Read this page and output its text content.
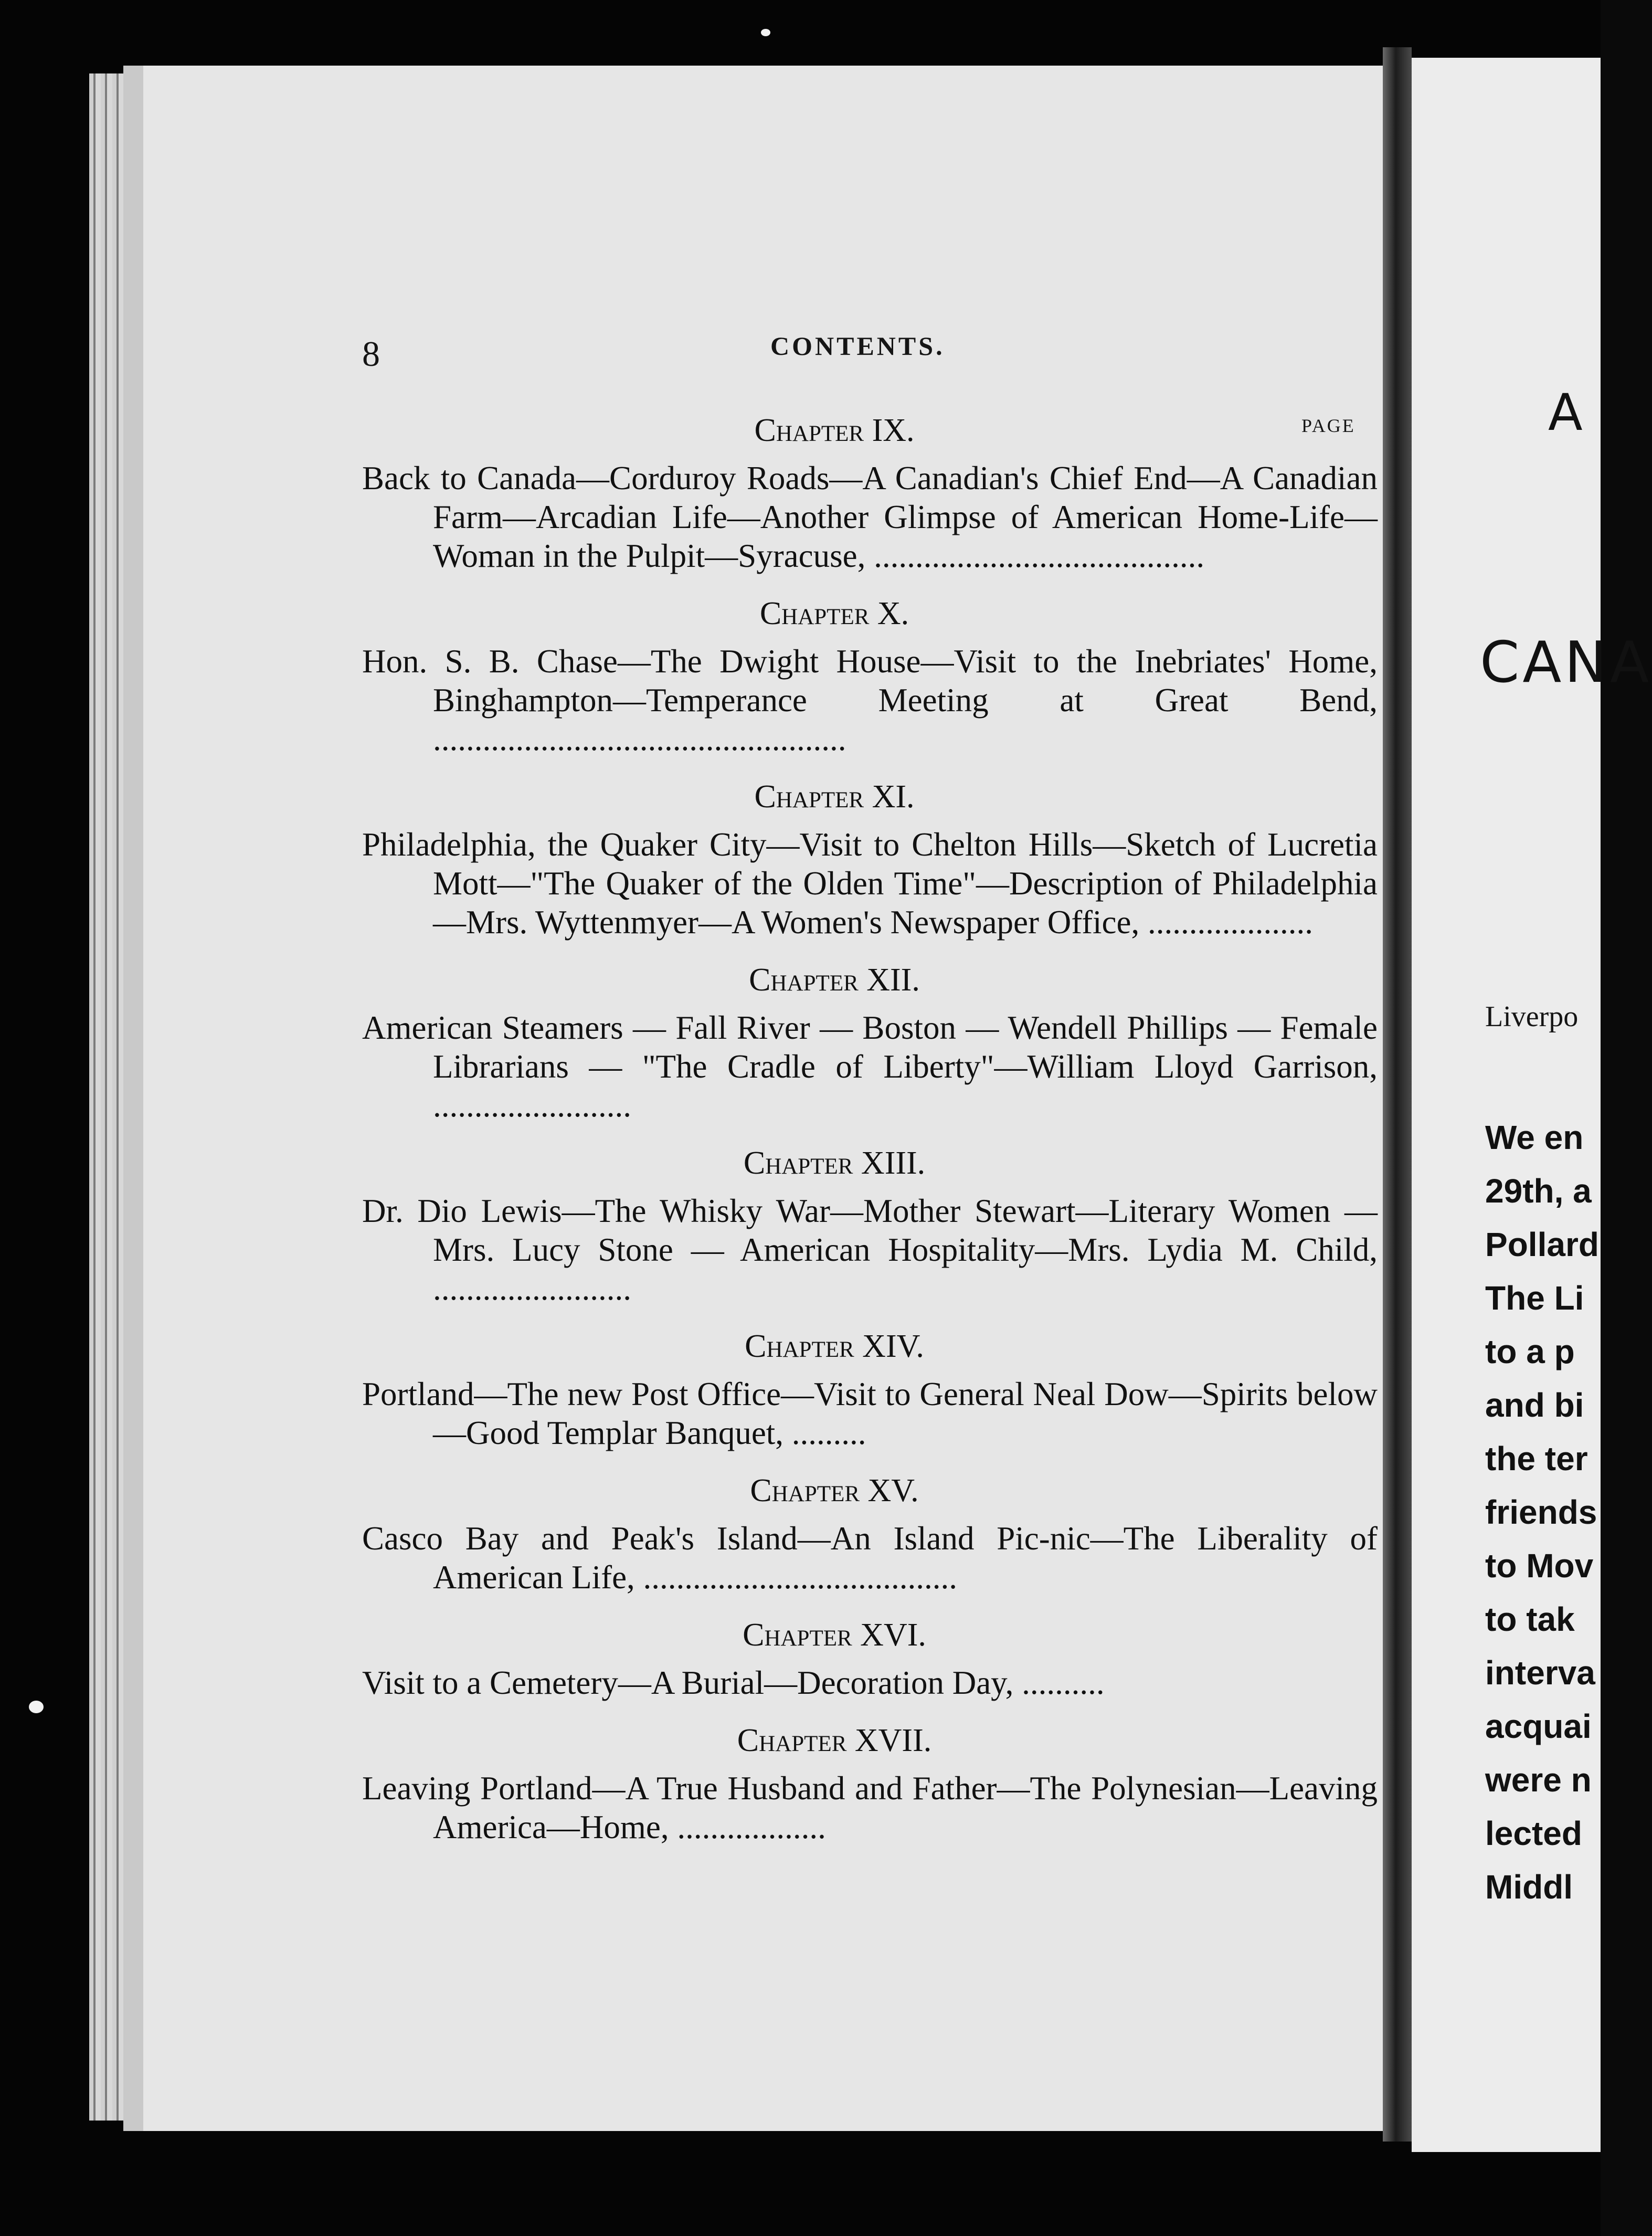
8	CONTENTS.
PAGE
Chapter IX.
Back to Canada—Corduroy Roads—A Canadian's Chief End—A Canadian Farm—Arcadian Life—Another Glimpse of American Home-Life—Woman in the Pulpit—Syracuse, ........................................
Chapter X.
Hon. S. B. Chase—The Dwight House—Visit to the Inebriates' Home, Binghampton—Temperance Meeting at Great Bend, ..................................................
Chapter XI.
Philadelphia, the Quaker City—Visit to Chelton Hills—Sketch of Lucretia Mott—"The Quaker of the Olden Time"—Description of Philadelphia—Mrs. Wyttenmyer—A Women's Newspaper Office, ....................
Chapter XII.
American Steamers — Fall River — Boston — Wendell Phillips — Female Librarians — "The Cradle of Liberty"—William Lloyd Garrison, ........................
Chapter XIII.
Dr. Dio Lewis—The Whisky War—Mother Stewart—Literary Women — Mrs. Lucy Stone — American Hospitality—Mrs. Lydia M. Child, ........................
Chapter XIV.
Portland—The new Post Office—Visit to General Neal Dow—Spirits below—Good Templar Banquet, .........
Chapter XV.
Casco Bay and Peak's Island—An Island Pic-nic—The Liberality of American Life, ......................................
Chapter XVI.
Visit to a Cemetery—A Burial—Decoration Day, ..........
Chapter XVII.
Leaving Portland—A True Husband and Father—The Polynesian—Leaving America—Home, ..................
A
CANA
Liverpo
We en
29th, a
Pollard
The Li
to a p
and bi
the ter
friends
to Mov
to tak
interva
acquai
were n
lected
Middl
